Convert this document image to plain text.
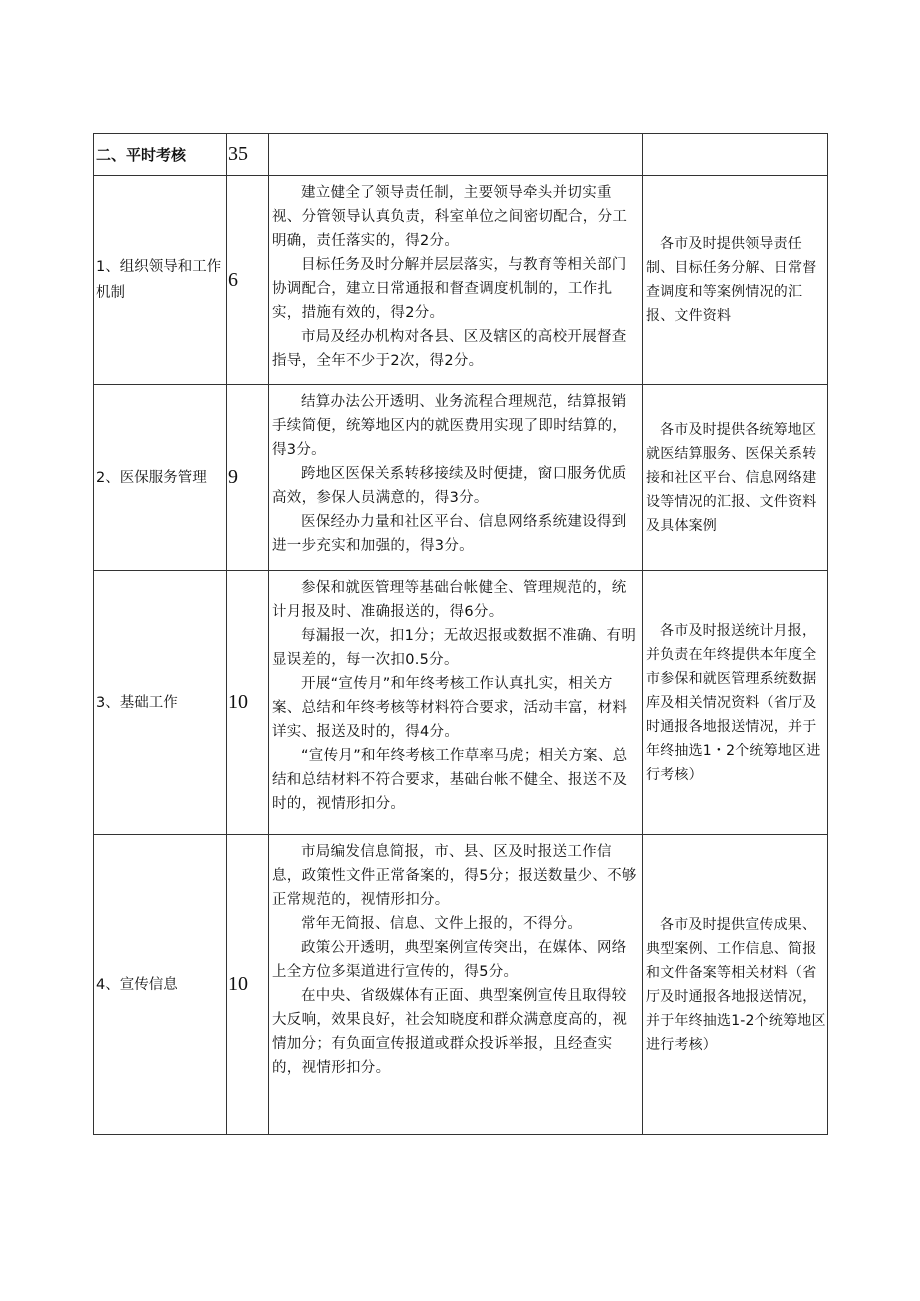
二、平时考核	35		
1、组织领导和工作机制	6	建立健全了领导责任制，主要领导牵头并切实重视、分管领导认真负责，科室单位之间密切配合，分工明确，责任落实的，得2分。

目标任务及时分解并层层落实，与教育等相关部门协调配合，建立日常通报和督查调度机制的，工作扎实，措施有效的，得2分。

市局及经办机构对各县、区及辖区的高校开展督查指导，全年不少于2次，得2分。	各市及时提供领导责任制、目标任务分解、日常督查调度和等案例情况的汇报、文件资料
2、医保服务管理	9	结算办法公开透明、业务流程合理规范，结算报销手续简便，统筹地区内的就医费用实现了即时结算的，得3分。

跨地区医保关系转移接续及时便捷，窗口服务优质高效，参保人员满意的，得3分。

医保经办力量和社区平台、信息网络系统建设得到进一步充实和加强的，得3分。	各市及时提供各统筹地区就医结算服务、医保关系转接和社区平台、信息网络建设等情况的汇报、文件资料及具体案例
3、基础工作	10	参保和就医管理等基础台帐健全、管理规范的，统计月报及时、准确报送的，得6分。

每漏报一次，扣1分；无故迟报或数据不准确、有明显误差的，每一次扣0.5分。

开展“宣传月”和年终考核工作认真扎实，相关方案、总结和年终考核等材料符合要求，活动丰富，材料详实、报送及时的，得4分。

“宣传月”和年终考核工作草率马虎；相关方案、总结和总结材料不符合要求，基础台帐不健全、报送不及时的，视情形扣分。	各市及时报送统计月报，并负责在年终提供本年度全市参保和就医管理系统数据库及相关情况资料（省厅及时通报各地报送情况，并于年终抽选1・2个统筹地区进行考核）
4、宣传信息	10	市局编发信息简报，市、县、区及时报送工作信息，政策性文件正常备案的，得5分；报送数量少、不够正常规范的，视情形扣分。

常年无简报、信息、文件上报的，不得分。

政策公开透明，典型案例宣传突出，在媒体、网络上全方位多渠道进行宣传的，得5分。

在中央、省级媒体有正面、典型案例宣传且取得较大反响，效果良好，社会知晓度和群众满意度高的，视情加分；有负面宣传报道或群众投诉举报，且经查实的，视情形扣分。	各市及时提供宣传成果、典型案例、工作信息、简报和文件备案等相关材料（省厅及时通报各地报送情况，并于年终抽选1-2个统筹地区进行考核）
